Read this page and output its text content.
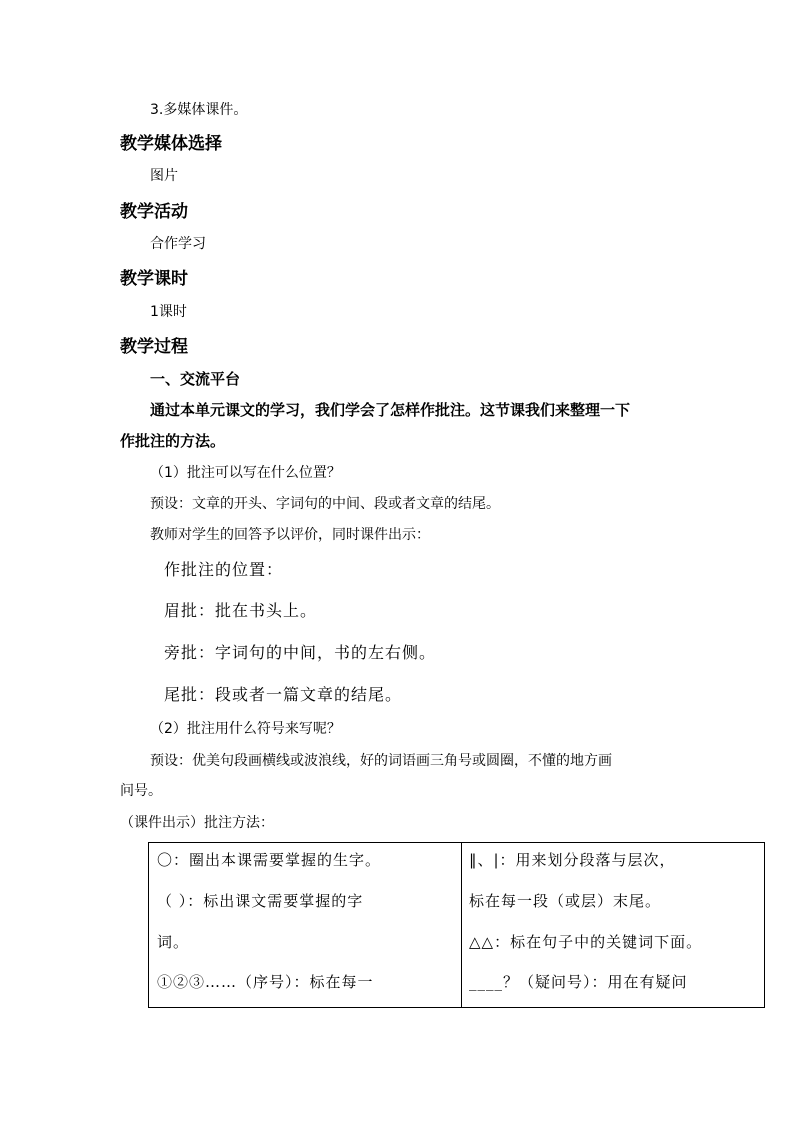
3.多媒体课件。
教学媒体选择
图片
教学活动
合作学习
教学课时
1课时
教学过程
一、交流平台
通过本单元课文的学习，我们学会了怎样作批注。这节课我们来整理一下
作批注的方法。
（1）批注可以写在什么位置？
预设：文章的开头、字词句的中间、段或者文章的结尾。
教师对学生的回答予以评价，同时课件出示：
作批注的位置：
眉批：批在书头上。
旁批：字词句的中间，书的左右侧。
尾批：段或者一篇文章的结尾。
（2）批注用什么符号来写呢？
预设：优美句段画横线或波浪线，好的词语画三角号或圆圈，不懂的地方画
问号。
（课件出示）批注方法：
〇：圈出本课需要掌握的生字。
（ ）：标出课文需要掌握的字
词。
①②③……（序号）：标在每一
‖、|：用来划分段落与层次，
标在每一段（或层）末尾。
△△：标在句子中的关键词下面。
____？（疑问号）：用在有疑问
